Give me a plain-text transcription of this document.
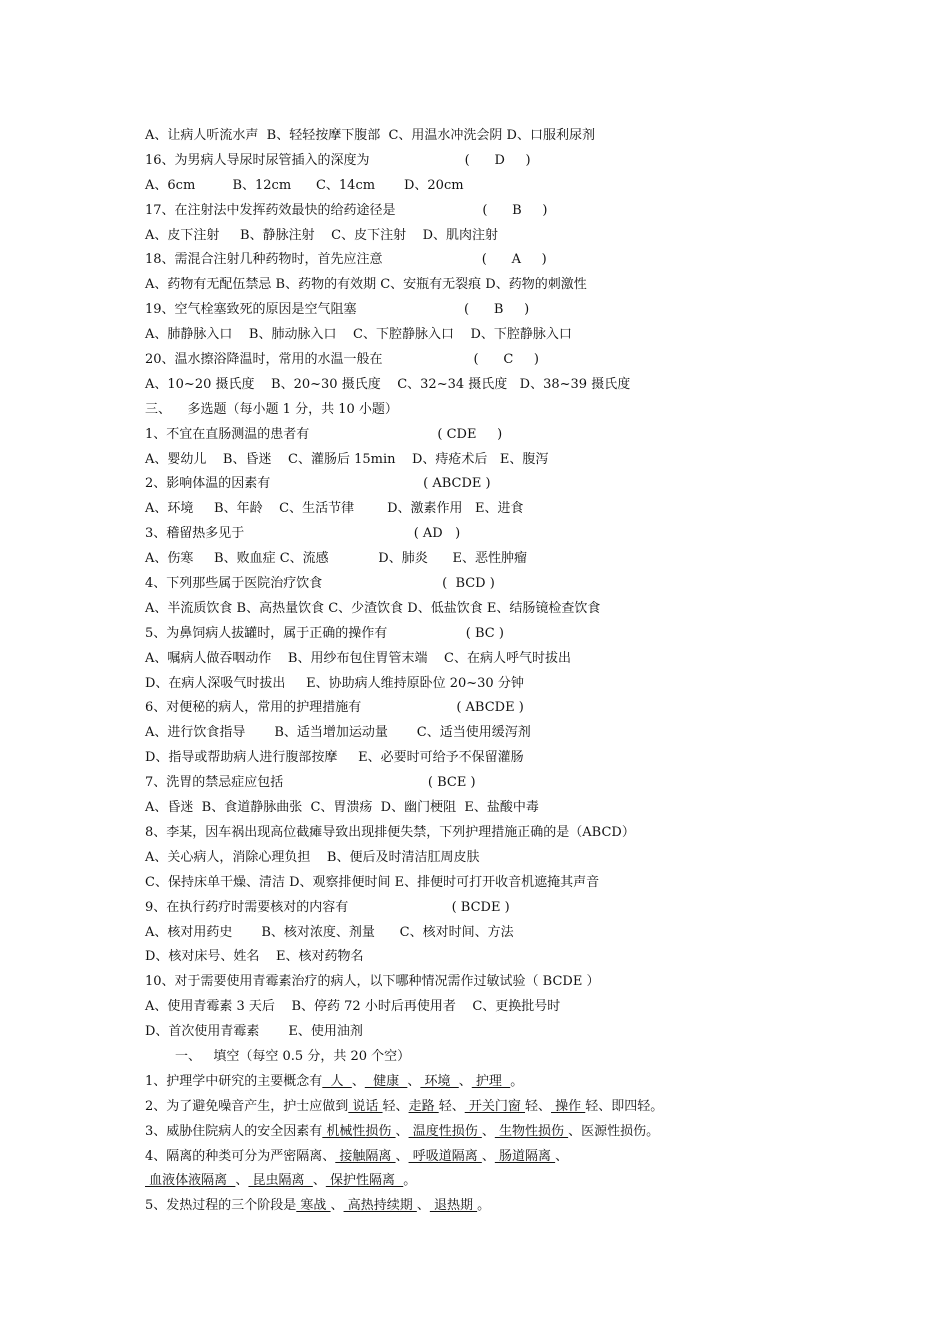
A、让病人听流水声  B、轻轻按摩下腹部  C、用温水冲洗会阴 D、口服利尿剂
16、为男病人导尿时尿管插入的深度为                       (      D     )
A、6cm         B、12cm      C、14cm       D、20cm
17、在注射法中发挥药效最快的给药途径是                     (      B     )
A、皮下注射     B、静脉注射    C、皮下注射    D、肌肉注射
18、需混合注射几种药物时，首先应注意                        (      A     )
A、药物有无配伍禁忌 B、药物的有效期 C、安瓶有无裂痕 D、药物的刺激性
19、空气栓塞致死的原因是空气阻塞                          (      B     )
A、肺静脉入口    B、肺动脉入口    C、下腔静脉入口    D、下腔静脉入口
20、温水擦浴降温时，常用的水温一般在                      (      C     )
A、10~20 摄氏度    B、20~30 摄氏度    C、32~34 摄氏度   D、38~39 摄氏度
三、    多选题（每小题 1 分，共 10 小题）
1、不宜在直肠测温的患者有                               ( CDE     )
A、婴幼儿    B、昏迷    C、灌肠后 15min    D、痔疮术后   E、腹泻
2、影响体温的因素有                                     ( ABCDE )
A、环境     B、年龄    C、生活节律        D、激素作用   E、进食
3、稽留热多见于                                         ( AD   )
A、伤寒     B、败血症 C、流感            D、肺炎      E、恶性肿瘤
4、下列那些属于医院治疗饮食                             (  BCD )
A、半流质饮食 B、高热量饮食 C、少渣饮食 D、低盐饮食 E、结肠镜检查饮食
5、为鼻饲病人拔罐时，属于正确的操作有                   ( BC )
A、嘱病人做吞咽动作    B、用纱布包住胃管末端    C、在病人呼气时拔出
D、在病人深吸气时拔出     E、协助病人维持原卧位 20~30 分钟
6、对便秘的病人，常用的护理措施有                       ( ABCDE )
A、进行饮食指导       B、适当增加运动量       C、适当使用缓泻剂
D、指导或帮助病人进行腹部按摩     E、必要时可给予不保留灌肠
7、洗胃的禁忌症应包括                                   ( BCE )
A、昏迷  B、食道静脉曲张  C、胃溃疡  D、幽门梗阻  E、盐酸中毒
8、李某，因车祸出现高位截瘫导致出现排便失禁，下列护理措施正确的是（ABCD）
A、关心病人，消除心理负担    B、便后及时清洁肛周皮肤
C、保持床单干燥、清洁 D、观察排便时间 E、排便时可打开收音机遮掩其声音
9、在执行药疗时需要核对的内容有                         ( BCDE )
A、核对用药史       B、核对浓度、剂量      C、核对时间、方法
D、核对床号、姓名    E、核对药物名
10、对于需要使用青霉素治疗的病人，以下哪种情况需作过敏试验（ BCDE ）
A、使用青霉素 3 天后    B、停药 72 小时后再使用者    C、更换批号时
D、首次使用青霉素       E、使用油剂
一、   填空（每空 0.5 分，共 20 个空）
1、护理学中研究的主要概念有  人  、  健康  、 环境  、 护理  。
2、为了避免噪音产生，护士应做到 说话 轻、走路 轻、 开关门窗 轻、 操作 轻、即四轻。
3、威胁住院病人的安全因素有 机械性损伤 、 温度性损伤 、 生物性损伤 、医源性损伤。
4、隔离的种类可分为严密隔离、 接触隔离 、 呼吸道隔离 、 肠道隔离 、
血液体液隔离  、 昆虫隔离  、 保护性隔离  。
5、发热过程的三个阶段是 寒战 、 高热持续期 、 退热期 。
